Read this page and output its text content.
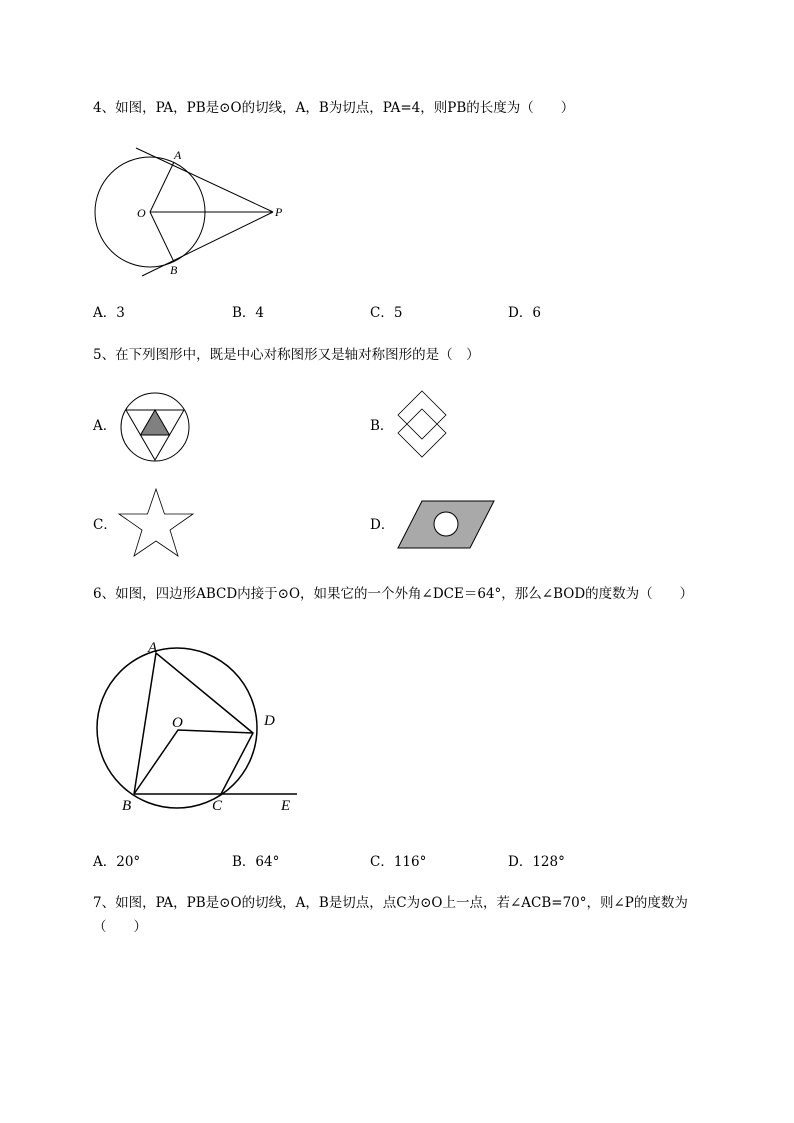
4、如图，PA，PB是⊙O的切线，A，B为切点，PA=4，则PB的长度为（　　）
A
O	P
B
A．3	B．4	C．5	D．6
5、在下列图形中，既是中心对称图形又是轴对称图形的是（　）
A．	B．
C．	D．
6、如图，四边形ABCD内接于⊙O，如果它的一个外角∠DCE＝64°，那么∠BOD的度数为（　　）
A
O	D
B	C	E
A．20°	B．64°	C．116°	D．128°
7、如图，PA，PB是⊙O的切线，A，B是切点，点C为⊙O上一点，若∠ACB=70°，则∠P的度数为
（　　）
